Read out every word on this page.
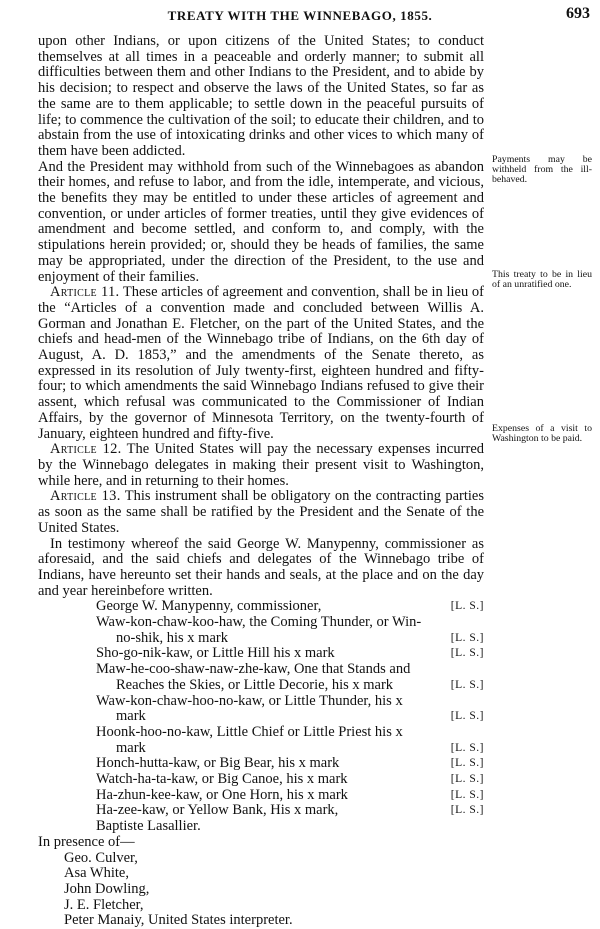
TREATY WITH THE WINNEBAGO, 1855.	693

upon other Indians, or upon citizens of the United States; to conduct themselves at all times in a peaceable and orderly manner; to submit all difficulties between them and other Indians to the President, and to abide by his decision; to respect and observe the laws of the United States, so far as the same are to them applicable; to settle down in the peaceful pursuits of life; to commence the cultivation of the soil; to educate their children, and to abstain from the use of intoxicating drinks and other vices to which many of them have been addicted.

And the President may withhold from such of the Winnebagoes as abandon their homes, and refuse to labor, and from the idle, intemperate, and vicious, the benefits they may be entitled to under these articles of agreement and convention, or under articles of former treaties, until they give evidences of amendment and become settled, and conform to, and comply, with the stipulations herein provided; or, should they be heads of families, the same may be appropriated, under the direction of the President, to the use and enjoyment of their families.

Article 11. These articles of agreement and convention, shall be in lieu of the “Articles of a convention made and concluded between Willis A. Gorman and Jonathan E. Fletcher, on the part of the United States, and the chiefs and head-men of the Winnebago tribe of Indians, on the 6th day of August, A. D. 1853,” and the amendments of the Senate thereto, as expressed in its resolution of July twenty-first, eighteen hundred and fifty-four; to which amendments the said Winnebago Indians refused to give their assent, which refusal was communicated to the Commissioner of Indian Affairs, by the governor of Minnesota Territory, on the twenty-fourth of January, eighteen hundred and fifty-five.

Article 12. The United States will pay the necessary expenses incurred by the Winnebago delegates in making their present visit to Washington, while here, and in returning to their homes.

Article 13. This instrument shall be obligatory on the contracting parties as soon as the same shall be ratified by the President and the Senate of the United States.

In testimony whereof the said George W. Manypenny, commissioner as aforesaid, and the said chiefs and delegates of the Winnebago tribe of Indians, have hereunto set their hands and seals, at the place and on the day and year hereinbefore written.

George W. Manypenny, commissioner,	[L. S.]
Waw-kon-chaw-koo-haw, the Coming Thunder, or Win-no-shik, his x mark	[L. S.]
Sho-go-nik-kaw, or Little Hill his x mark	[L. S.]
Maw-he-coo-shaw-naw-zhe-kaw, One that Stands and Reaches the Skies, or Little Decorie, his x mark	[L. S.]
Waw-kon-chaw-hoo-no-kaw, or Little Thunder, his x mark	[L. S.]
Hoonk-hoo-no-kaw, Little Chief or Little Priest his x mark	[L. S.]
Honch-hutta-kaw, or Big Bear, his x mark	[L. S.]
Watch-ha-ta-kaw, or Big Canoe, his x mark	[L. S.]
Ha-zhun-kee-kaw, or One Horn, his x mark	[L. S.]
Ha-zee-kaw, or Yellow Bank, His x mark,	[L. S.]
Baptiste Lasallier.

In presence of—

Geo. Culver,

Asa White,

John Dowling,

J. E. Fletcher,

Peter Manaiy, United States interpreter.

Payments may be withheld from the ill-behaved.
This treaty to be in lieu of an unratified one.
Expenses of a visit to Washington to be paid.
